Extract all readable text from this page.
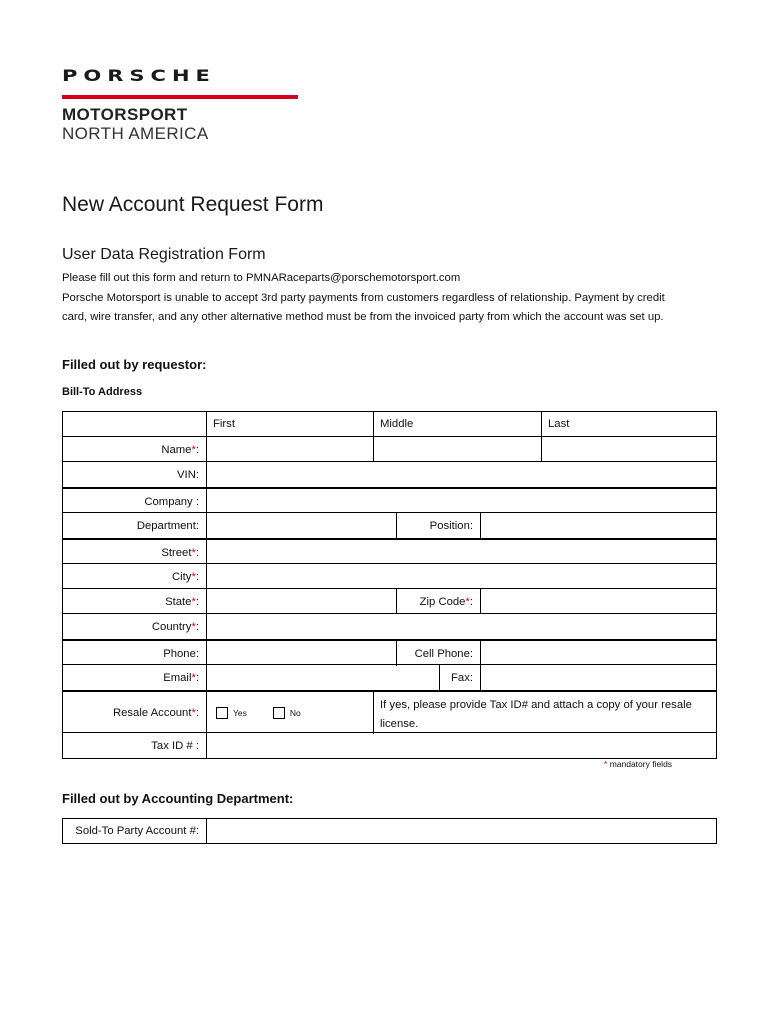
PORSCHE
MOTORSPORT
NORTH AMERICA
New Account Request Form
User Data Registration Form
Please fill out this form and return to PMNARaceparts@porschemotorsport.com
Porsche Motorsport is unable to accept 3rd party payments from customers regardless of relationship. Payment by credit
card, wire transfer, and any other alternative method must be from the invoiced party from which the account was set up.
Filled out by requestor:
Bill-To Address
First	Middle	Last
Name * :
VIN:
Company :
Department:	Position:
Street * :
City * :
State * :	Zip Code * :
Country * :
Phone:	Cell Phone:
Email * :	Fax:
Resale Account * :	Yes	No
If yes, please provide Tax ID# and attach a copy of your resale
license.
Tax ID # :
* mandatory fields
Filled out by Accounting Department:
Sold-To Party Account #:
